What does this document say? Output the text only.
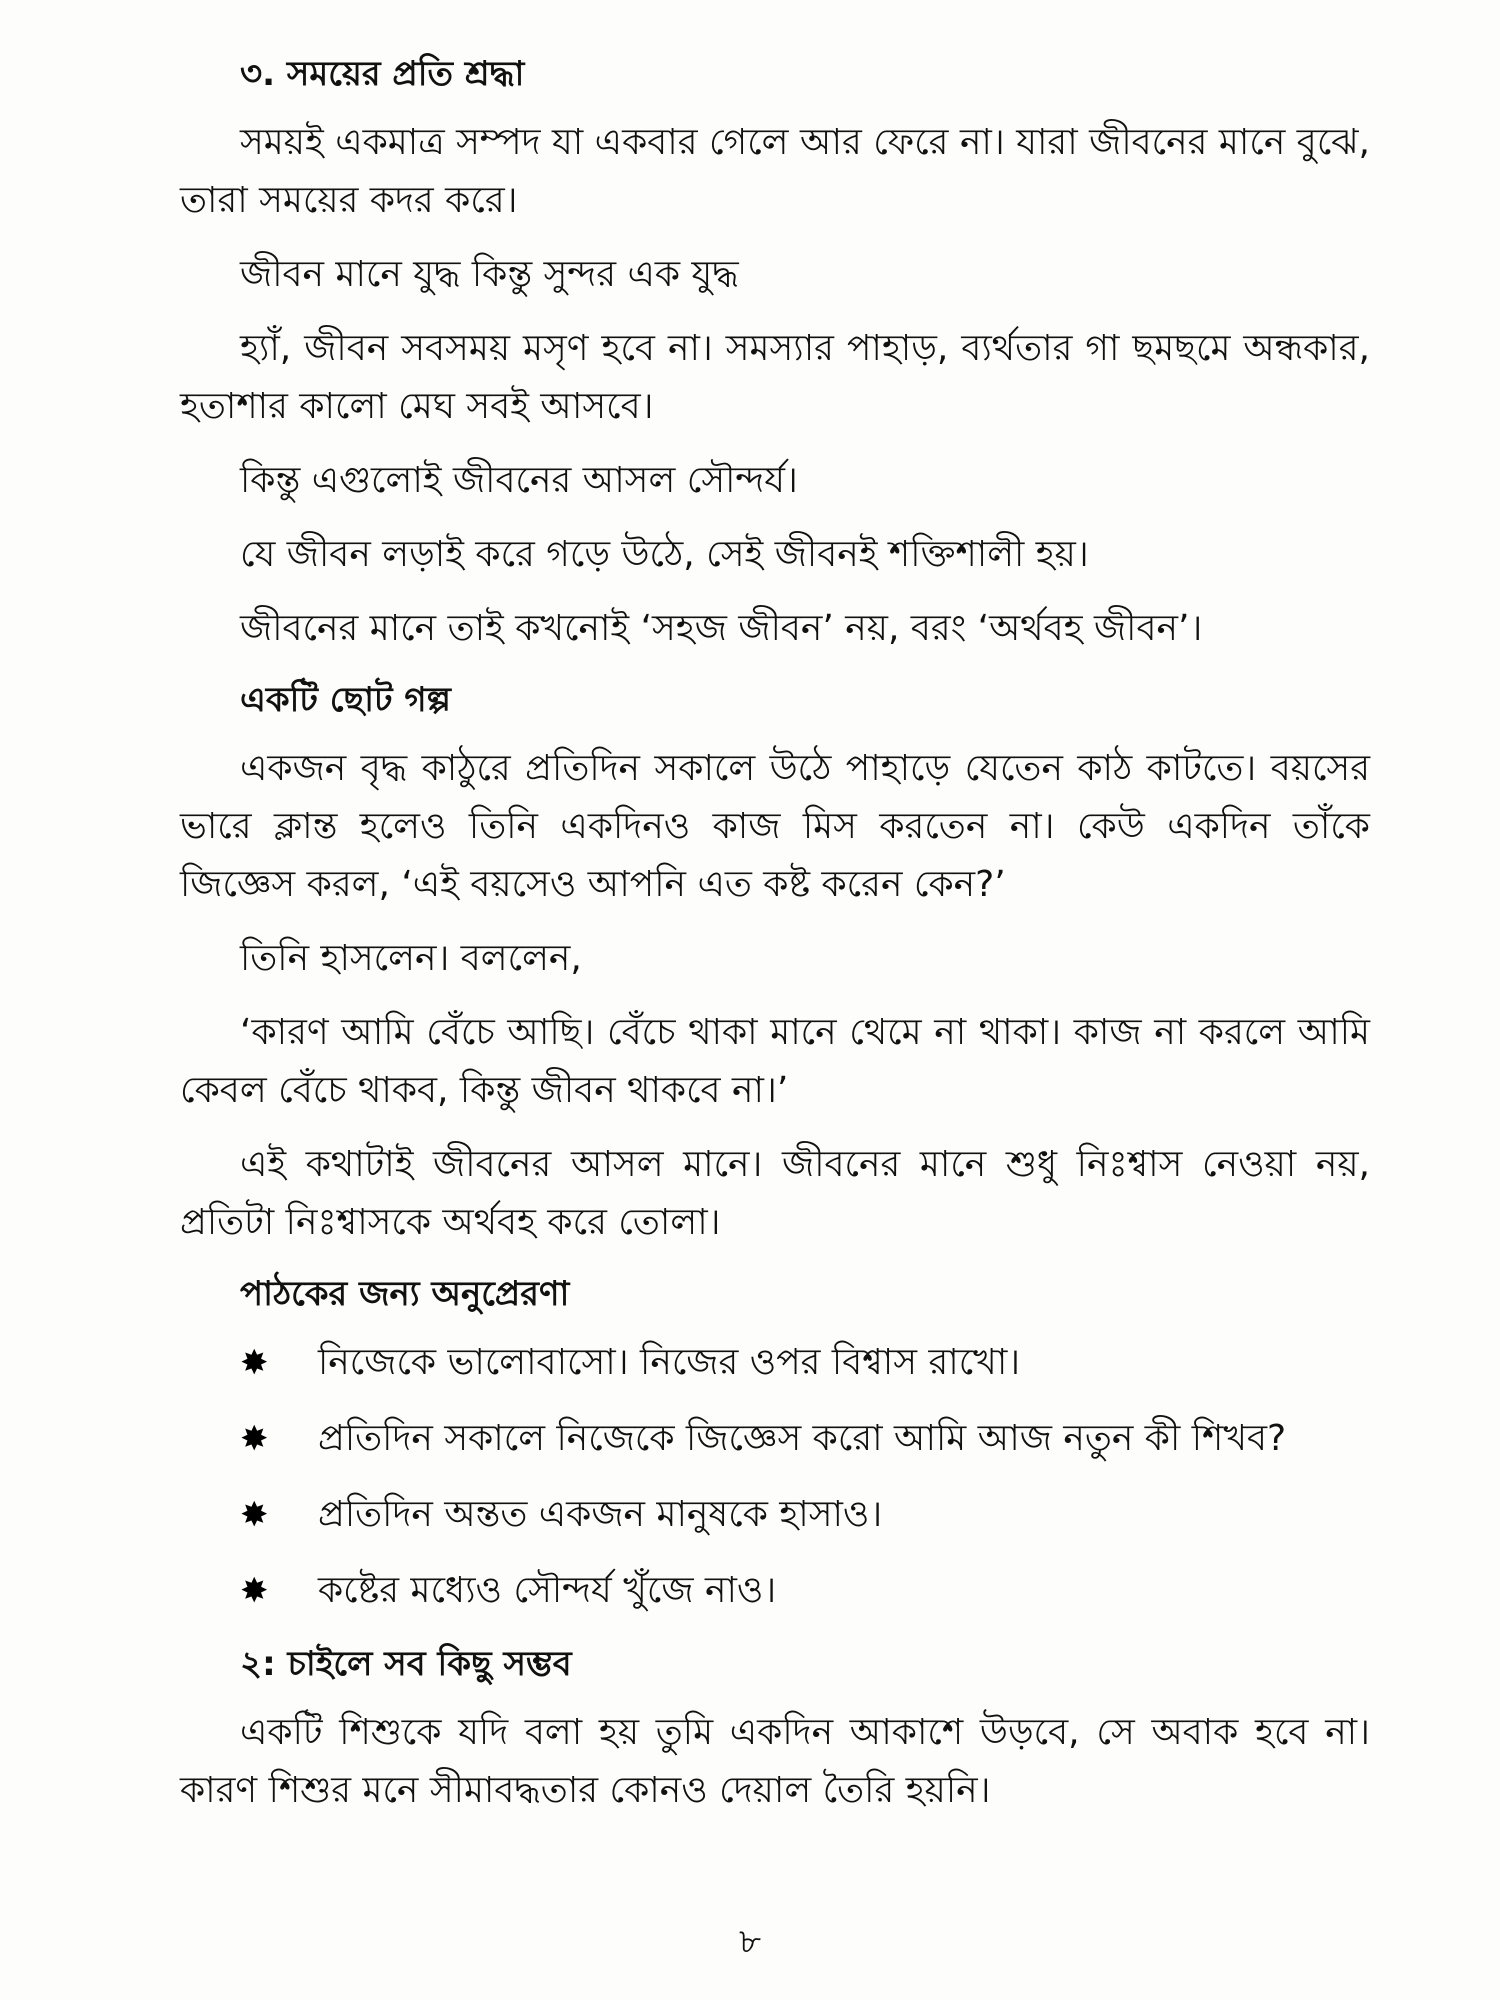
৩. সময়ের প্রতি শ্রদ্ধা

সময়ই একমাত্র সম্পদ যা একবার গেলে আর ফেরে না। যারা জীবনের মানে বুঝে, তারা সময়ের কদর করে।

জীবন মানে যুদ্ধ কিন্তু সুন্দর এক যুদ্ধ

হ্যাঁ, জীবন সবসময় মসৃণ হবে না। সমস্যার পাহাড়, ব্যর্থতার গা ছমছমে অন্ধকার, হতাশার কালো মেঘ সবই আসবে।

কিন্তু এগুলোই জীবনের আসল সৌন্দর্য।

যে জীবন লড়াই করে গড়ে উঠে, সেই জীবনই শক্তিশালী হয়।

জীবনের মানে তাই কখনোই ‘সহজ জীবন’ নয়, বরং ‘অর্থবহ জীবন’।

একটি ছোট গল্প

একজন বৃদ্ধ কাঠুরে প্রতিদিন সকালে উঠে পাহাড়ে যেতেন কাঠ কাটতে। বয়সের ভারে ক্লান্ত হলেও তিনি একদিনও কাজ মিস করতেন না। কেউ একদিন তাঁকে জিজ্ঞেস করল, ‘এই বয়সেও আপনি এত কষ্ট করেন কেন?’

তিনি হাসলেন। বললেন,

‘কারণ আমি বেঁচে আছি। বেঁচে থাকা মানে থেমে না থাকা। কাজ না করলে আমি কেবল বেঁচে থাকব, কিন্তু জীবন থাকবে না।’

এই কথাটাই জীবনের আসল মানে। জীবনের মানে শুধু নিঃশ্বাস নেওয়া নয়, প্রতিটা নিঃশ্বাসকে অর্থবহ করে তোলা।

পাঠকের জন্য অনুপ্রেরণা
✸	নিজেকে ভালোবাসো। নিজের ওপর বিশ্বাস রাখো।
✸	প্রতিদিন সকালে নিজেকে জিজ্ঞেস করো আমি আজ নতুন কী শিখব?
✸	প্রতিদিন অন্তত একজন মানুষকে হাসাও।
✸	কষ্টের মধ্যেও সৌন্দর্য খুঁজে নাও।
২: চাইলে সব কিছু সম্ভব

একটি শিশুকে যদি বলা হয় তুমি একদিন আকাশে উড়বে, সে অবাক হবে না। কারণ শিশুর মনে সীমাবদ্ধতার কোনও দেয়াল তৈরি হয়নি।

৮
